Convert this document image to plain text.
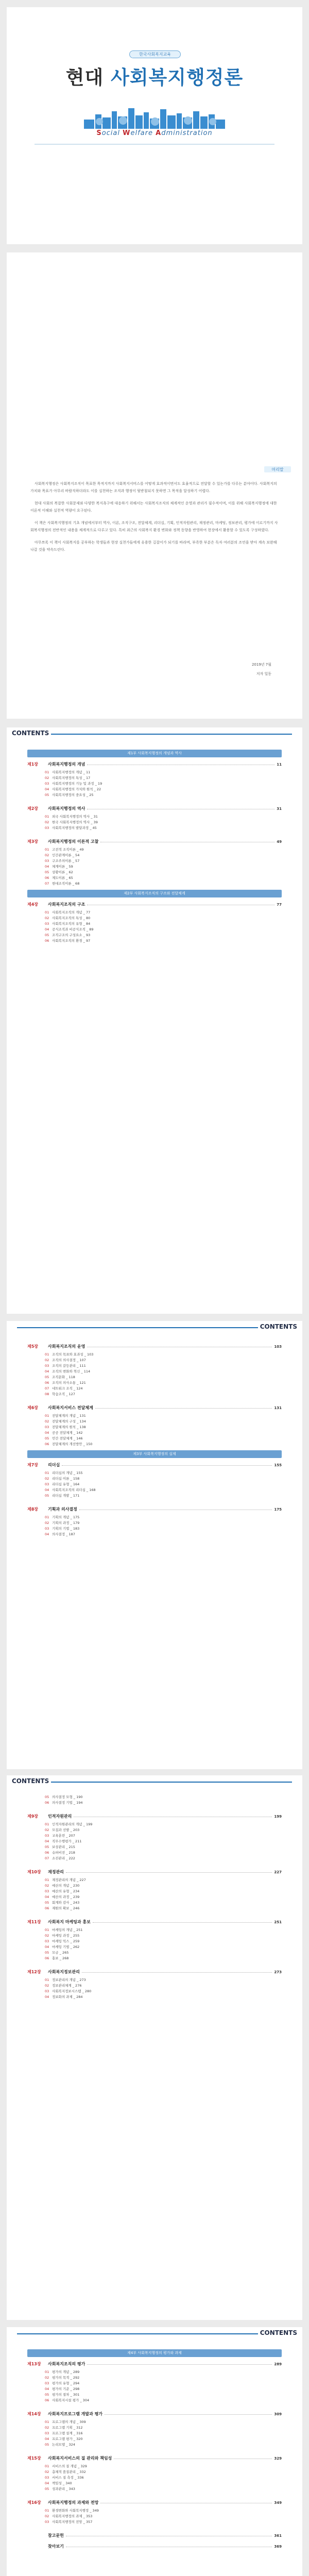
한국사회복지교육
현대 사회복지행정론
Social Welfare Administration
머리말

사회복지행정은 사회복지조직이 목표한 목적지까지 사회복지서비스를 어떻게 효과적이면서도 효율적으로 전달할 수 있는가를 다루는 분야이다. 사회복지의 가치와 목표가 아무리 바람직하더라도 이를 실천하는 조직과 행정이 뒷받침되지 못하면 그 목적을 달성하기 어렵다.

현대 사회의 복잡한 사회문제와 다양한 복지욕구에 대응하기 위해서는 사회복지조직의 체계적인 운영과 관리가 필수적이며, 이를 위해 사회복지행정에 대한 이론적 이해와 실천적 역량이 요구된다.

이 책은 사회복지행정의 기초 개념에서부터 역사, 이론, 조직구조, 전달체계, 리더십, 기획, 인적자원관리, 재정관리, 마케팅, 정보관리, 평가에 이르기까지 사회복지행정의 전반적인 내용을 체계적으로 다루고 있다. 특히 최근의 사회복지 환경 변화와 정책 동향을 반영하여 현장에서 활용할 수 있도록 구성하였다.

아무쪼록 이 책이 사회복지를 공부하는 학생들과 현장 실천가들에게 유용한 길잡이가 되기를 바라며, 부족한 부분은 독자 여러분의 조언을 받아 계속 보완해 나갈 것을 약속드린다.

2019년 7월
저자 일동
CONTENTS
제1부 사회복지행정의 개념과 역사
제1장	사회복지행정의 개념	11
01 사회복지행정의 개념 _ 11
02 사회복지행정의 특성 _ 17
03 사회복지행정의 기능 및 과정 _ 19
04 사회복지행정의 가치와 원칙 _ 22
05 사회복지행정의 중요성 _ 25
제2장	사회복지행정의 역사	31
01 외국 사회복지행정의 역사 _ 31
02 한국 사회복지행정의 역사 _ 39
03 사회복지행정의 발달과정 _ 45
제3장	사회복지행정의 이론적 고찰	49
01 고전적 조직이론 _ 49
02 인간관계이론 _ 54
03 구조주의이론 _ 57
04 체계이론 _ 59
05 상황이론 _ 62
06 제도이론 _ 65
07 현대조직이론 _ 68
제2부 사회복지조직의 구조와 전달체계
제4장	사회복지조직의 구조	77
01 사회복지조직의 개념 _ 77
02 사회복지조직의 특성 _ 80
03 사회복지조직의 유형 _ 84
04 공식조직과 비공식조직 _ 89
05 조직구조의 구성요소 _ 93
06 사회복지조직의 환경 _ 97
CONTENTS
제5장	사회복지조직의 운영	103
01 조직의 목표와 효과성 _ 103
02 조직의 의사결정 _ 107
03 조직의 갈등관리 _ 111
04 조직의 변화와 혁신 _ 114
05 조직문화 _ 118
06 조직의 의사소통 _ 121
07 네트워크 조직 _ 124
08 학습조직 _ 127
제6장	사회복지서비스 전달체계	131
01 전달체계의 개념 _ 131
02 전달체계의 구성 _ 134
03 전달체계의 원칙 _ 138
04 공공 전달체계 _ 142
05 민간 전달체계 _ 146
06 전달체계의 개선방안 _ 150
제3부 사회복지행정의 실제
제7장	리더십	155
01 리더십의 개념 _ 155
02 리더십 이론 _ 158
03 리더십 유형 _ 164
04 사회복지조직의 리더십 _ 168
05 리더십 개발 _ 171
제8장	기획과 의사결정	175
01 기획의 개념 _ 175
02 기획의 과정 _ 179
03 기획의 기법 _ 183
04 의사결정 _ 187
CONTENTS
05 의사결정 모형 _ 190
06 의사결정 기법 _ 194
제9장	인적자원관리	199
01 인적자원관리의 개념 _ 199
02 모집과 선발 _ 203
03 교육훈련 _ 207
04 직무수행평가 _ 211
05 보상관리 _ 215
06 슈퍼비전 _ 218
07 소진관리 _ 222
제10장	재정관리	227
01 재정관리의 개념 _ 227
02 예산의 개념 _ 230
03 예산의 유형 _ 234
04 예산의 과정 _ 239
05 회계와 감사 _ 243
06 재원의 확보 _ 246
제11장	사회복지 마케팅과 홍보	251
01 마케팅의 개념 _ 251
02 마케팅 과정 _ 255
03 마케팅 믹스 _ 259
04 마케팅 기법 _ 262
05 모금 _ 265
06 홍보 _ 268
제12장	사회복지정보관리	273
01 정보관리의 개념 _ 273
02 정보관리체계 _ 276
03 사회복지정보시스템 _ 280
04 정보화의 과제 _ 284
CONTENTS
제4부 사회복지행정의 평가와 과제
제13장	사회복지조직의 평가	289
01 평가의 개념 _ 289
02 평가의 목적 _ 292
03 평가의 유형 _ 294
04 평가의 기준 _ 298
05 평가의 절차 _ 301
06 사회복지시설 평가 _ 304
제14장	사회복지프로그램 개발과 평가	309
01 프로그램의 개념 _ 309
02 프로그램 기획 _ 312
03 프로그램 설계 _ 316
04 프로그램 평가 _ 320
05 논리모델 _ 324
제15장	사회복지서비스의 질 관리와 책임성	329
01 서비스의 질 개념 _ 329
02 총체적 품질관리 _ 332
03 서비스 질 측정 _ 336
04 책임성 _ 340
05 성과관리 _ 343
제16장	사회복지행정의 과제와 전망	349
01 환경변화와 사회복지행정 _ 349
02 사회복지행정의 과제 _ 353
03 사회복지행정의 전망 _ 357
참고문헌	361
찾아보기	369
